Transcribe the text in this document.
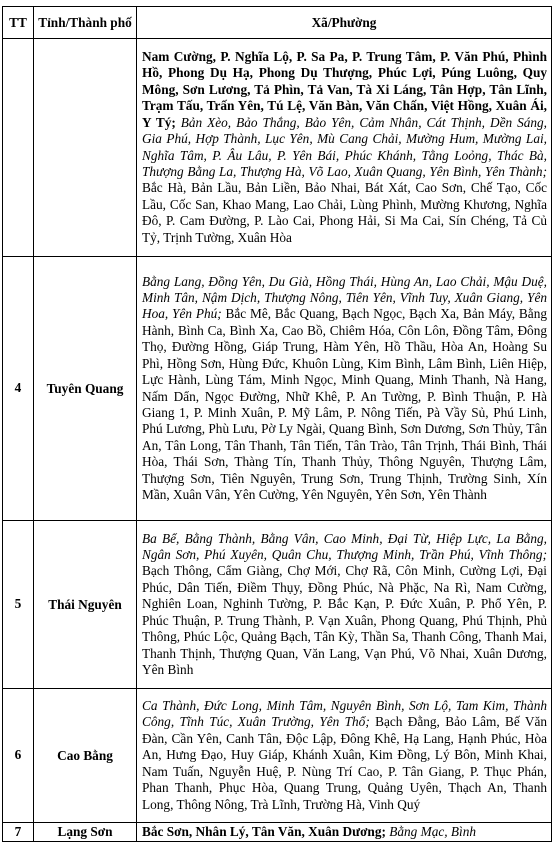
TT	Tỉnh/Thành phố	Xã/Phường
		Nam Cường, P. Nghĩa Lộ, P. Sa Pa, P. Trung Tâm, P. Văn Phú, Phình Hồ, Phong Dụ Hạ, Phong Dụ Thượng, Phúc Lợi, Púng Luông, Quy Mông, Sơn Lương, Tả Phìn, Tả Van, Tà Xi Láng, Tân Hợp, Tân Lĩnh, Trạm Tấu, Trấn Yên, Tú Lệ, Văn Bàn, Văn Chấn, Việt Hồng, Xuân Ái, Y Tý; Bản Xèo, Bảo Thắng, Bảo Yên, Cảm Nhân, Cát Thịnh, Dền Sáng, Gia Phú, Hợp Thành, Lục Yên, Mù Cang Chải, Mường Hum, Mường Lai, Nghĩa Tâm, P. Âu Lâu, P. Yên Bái, Phúc Khánh, Tằng Loỏng, Thác Bà, Thượng Bằng La, Thượng Hà, Võ Lao, Xuân Quang, Yên Bình, Yên Thành; Bắc Hà, Bản Lầu, Bản Liền, Bảo Nhai, Bát Xát, Cao Sơn, Chế Tạo, Cốc Lầu, Cốc San, Khao Mang, Lao Chải, Lùng Phình, Mường Khương, Nghĩa Đô, P. Cam Đường, P. Lào Cai, Phong Hải, Si Ma Cai, Sín Chéng, Tả Củ Tỷ, Trịnh Tường, Xuân Hòa
4	Tuyên Quang	Bằng Lang, Đồng Yên, Du Già, Hồng Thái, Hùng An, Lao Chải, Mậu Duệ, Minh Tân, Nậm Dịch, Thượng Nông, Tiên Yên, Vĩnh Tuy, Xuân Giang, Yên Hoa, Yên Phú; Bắc Mê, Bắc Quang, Bạch Ngọc, Bạch Xa, Bản Máy, Bằng Hành, Bình Ca, Bình Xa, Cao Bồ, Chiêm Hóa, Côn Lôn, Đồng Tâm, Đông Thọ, Đường Hồng, Giáp Trung, Hàm Yên, Hồ Thầu, Hòa An, Hoàng Su Phì, Hồng Sơn, Hùng Đức, Khuôn Lùng, Kim Bình, Lâm Bình, Liên Hiệp, Lực Hành, Lùng Tám, Minh Ngọc, Minh Quang, Minh Thanh, Nà Hang, Nấm Dẩn, Ngọc Đường, Nhữ Khê, P. An Tường, P. Bình Thuận, P. Hà Giang 1, P. Minh Xuân, P. Mỹ Lâm, P. Nông Tiến, Pà Vầy Sủ, Phú Linh, Phú Lương, Phù Lưu, Pờ Ly Ngài, Quang Bình, Sơn Dương, Sơn Thủy, Tân An, Tân Long, Tân Thanh, Tân Tiến, Tân Trào, Tân Trịnh, Thái Bình, Thái Hòa, Thái Sơn, Thàng Tín, Thanh Thủy, Thông Nguyên, Thượng Lâm, Thượng Sơn, Tiên Nguyên, Trung Sơn, Trung Thịnh, Trường Sinh, Xín Mần, Xuân Vân, Yên Cường, Yên Nguyên, Yên Sơn, Yên Thành
5	Thái Nguyên	Ba Bể, Bằng Thành, Bằng Vân, Cao Minh, Đại Từ, Hiệp Lực, La Bằng, Ngân Sơn, Phú Xuyên, Quân Chu, Thượng Minh, Trần Phú, Vĩnh Thông; Bạch Thông, Cẩm Giàng, Chợ Mới, Chợ Rã, Côn Minh, Cường Lợi, Đại Phúc, Dân Tiến, Điềm Thụy, Đồng Phúc, Nà Phặc, Na Rì, Nam Cường, Nghiên Loan, Nghinh Tường, P. Bắc Kạn, P. Đức Xuân, P. Phổ Yên, P. Phúc Thuận, P. Trung Thành, P. Vạn Xuân, Phong Quang, Phú Thịnh, Phủ Thông, Phúc Lộc, Quảng Bạch, Tân Kỳ, Thần Sa, Thanh Công, Thanh Mai, Thanh Thịnh, Thượng Quan, Văn Lang, Vạn Phú, Võ Nhai, Xuân Dương, Yên Bình
6	Cao Bằng	Ca Thành, Đức Long, Minh Tâm, Nguyên Bình, Sơn Lộ, Tam Kim, Thành Công, Tĩnh Túc, Xuân Trường, Yên Thổ; Bạch Đằng, Bảo Lâm, Bế Văn Đàn, Cần Yên, Canh Tân, Độc Lập, Đông Khê, Hạ Lang, Hạnh Phúc, Hòa An, Hưng Đạo, Huy Giáp, Khánh Xuân, Kim Đồng, Lý Bôn, Minh Khai, Nam Tuấn, Nguyễn Huệ, P. Nùng Trí Cao, P. Tân Giang, P. Thục Phán, Phan Thanh, Phục Hòa, Quang Trung, Quảng Uyên, Thạch An, Thanh Long, Thông Nông, Trà Lĩnh, Trường Hà, Vinh Quý
7	Lạng Sơn	Bắc Sơn, Nhân Lý, Tân Văn, Xuân Dương; Bằng Mạc, Bình
